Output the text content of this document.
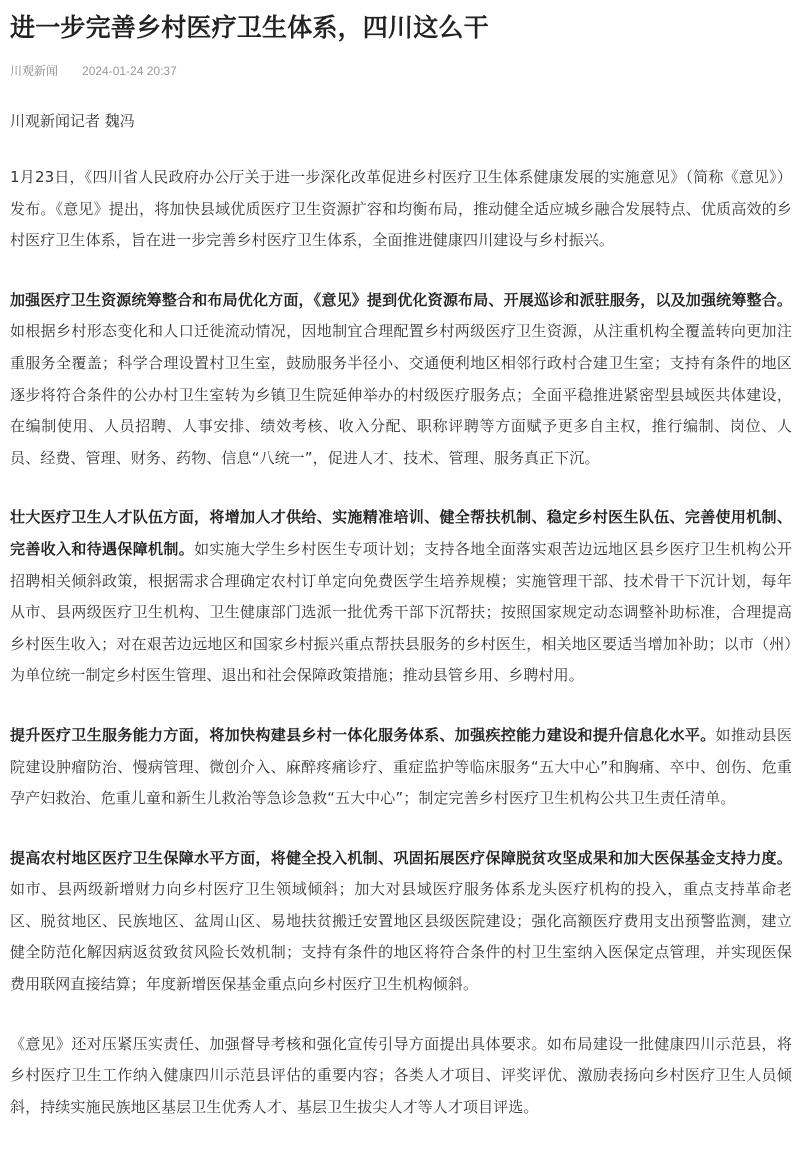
进一步完善乡村医疗卫生体系，四川这么干
川观新闻 2024-01-24 20:37
川观新闻记者 魏冯

1月23日，《四川省人民政府办公厅关于进一步深化改革促进乡村医疗卫生体系健康发展的实施意见》（简称《意见》）发布。《意见》提出，将加快县域优质医疗卫生资源扩容和均衡布局，推动健全适应城乡融合发展特点、优质高效的乡村医疗卫生体系，旨在进一步完善乡村医疗卫生体系，全面推进健康四川建设与乡村振兴。

加强医疗卫生资源统筹整合和布局优化方面，《意见》提到优化资源布局、开展巡诊和派驻服务，以及加强统筹整合。如根据乡村形态变化和人口迁徙流动情况，因地制宜合理配置乡村两级医疗卫生资源，从注重机构全覆盖转向更加注重服务全覆盖；科学合理设置村卫生室，鼓励服务半径小、交通便利地区相邻行政村合建卫生室；支持有条件的地区逐步将符合条件的公办村卫生室转为乡镇卫生院延伸举办的村级医疗服务点；全面平稳推进紧密型县域医共体建设，在编制使用、人员招聘、人事安排、绩效考核、收入分配、职称评聘等方面赋予更多自主权，推行编制、岗位、人员、经费、管理、财务、药物、信息“八统一”，促进人才、技术、管理、服务真正下沉。

壮大医疗卫生人才队伍方面，将增加人才供给、实施精准培训、健全帮扶机制、稳定乡村医生队伍、完善使用机制、完善收入和待遇保障机制。如实施大学生乡村医生专项计划；支持各地全面落实艰苦边远地区县乡医疗卫生机构公开招聘相关倾斜政策，根据需求合理确定农村订单定向免费医学生培养规模；实施管理干部、技术骨干下沉计划，每年从市、县两级医疗卫生机构、卫生健康部门选派一批优秀干部下沉帮扶；按照国家规定动态调整补助标准，合理提高乡村医生收入；对在艰苦边远地区和国家乡村振兴重点帮扶县服务的乡村医生，相关地区要适当增加补助；以市（州）为单位统一制定乡村医生管理、退出和社会保障政策措施；推动县管乡用、乡聘村用。

提升医疗卫生服务能力方面，将加快构建县乡村一体化服务体系、加强疾控能力建设和提升信息化水平。如推动县医院建设肿瘤防治、慢病管理、微创介入、麻醉疼痛诊疗、重症监护等临床服务“五大中心”和胸痛、卒中、创伤、危重孕产妇救治、危重儿童和新生儿救治等急诊急救“五大中心”；制定完善乡村医疗卫生机构公共卫生责任清单。

提高农村地区医疗卫生保障水平方面，将健全投入机制、巩固拓展医疗保障脱贫攻坚成果和加大医保基金支持力度。如市、县两级新增财力向乡村医疗卫生领域倾斜；加大对县域医疗服务体系龙头医疗机构的投入，重点支持革命老区、脱贫地区、民族地区、盆周山区、易地扶贫搬迁安置地区县级医院建设；强化高额医疗费用支出预警监测，建立健全防范化解因病返贫致贫风险长效机制；支持有条件的地区将符合条件的村卫生室纳入医保定点管理，并实现医保费用联网直接结算；年度新增医保基金重点向乡村医疗卫生机构倾斜。

《意见》还对压紧压实责任、加强督导考核和强化宣传引导方面提出具体要求。如布局建设一批健康四川示范县，将乡村医疗卫生工作纳入健康四川示范县评估的重要内容；各类人才项目、评奖评优、激励表扬向乡村医疗卫生人员倾斜，持续实施民族地区基层卫生优秀人才、基层卫生拔尖人才等人才项目评选。
